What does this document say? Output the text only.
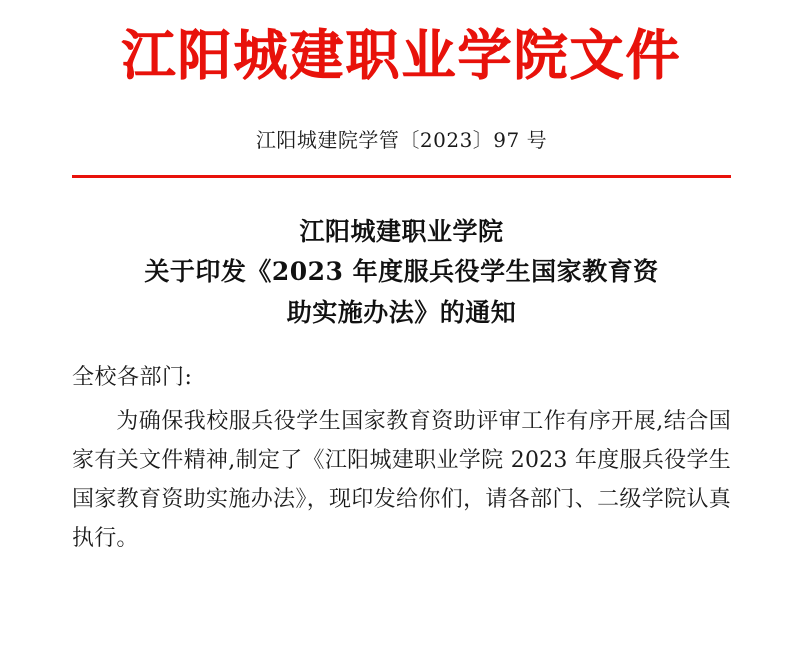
江阳城建职业学院文件
江阳城建院学管〔2023〕97 号
江阳城建职业学院
关于印发《2023 年度服兵役学生国家教育资
助实施办法》的通知
全校各部门:
为确保我校服兵役学生国家教育资助评审工作有序开展,结合国家有关文件精神,制定了《江阳城建职业学院 2023 年度服兵役学生国家教育资助实施办法》，现印发给你们，请各部门、二级学院认真执行。
